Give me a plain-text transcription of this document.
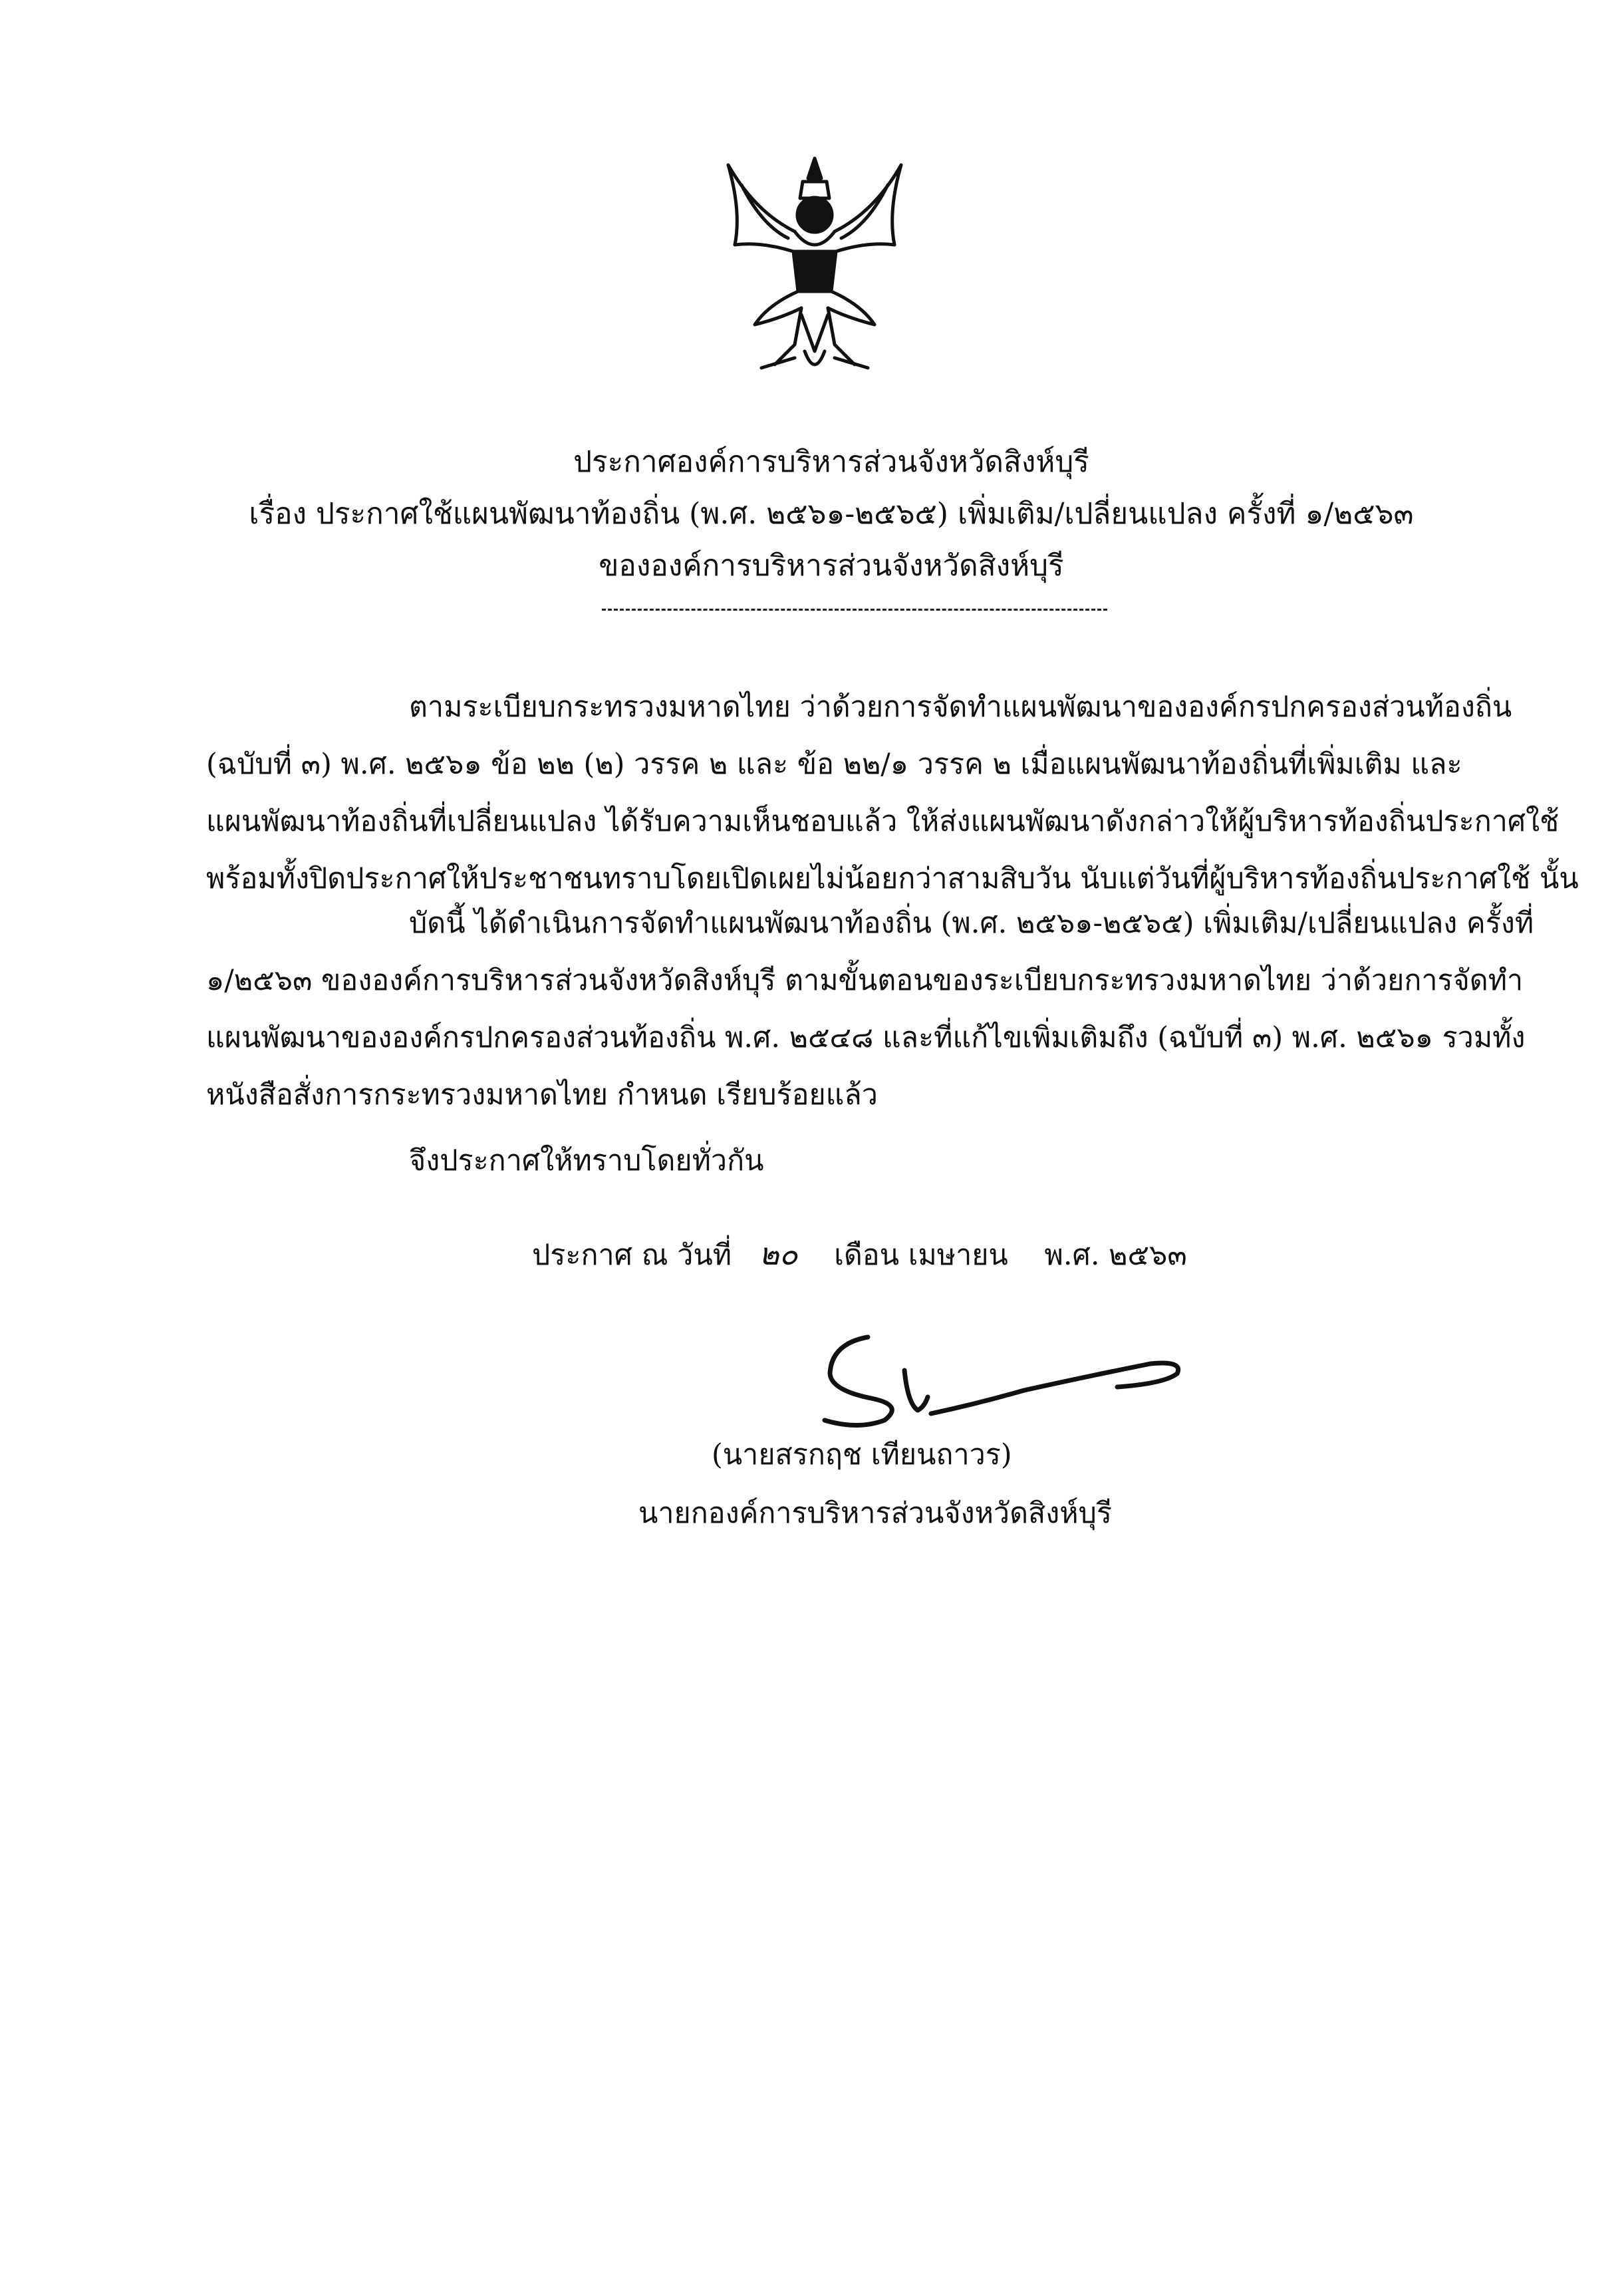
ประกาศองค์การบริหารส่วนจังหวัดสิงห์บุรี
เรื่อง ประกาศใช้แผนพัฒนาท้องถิ่น (พ.ศ. ๒๕๖๑-๒๕๖๕) เพิ่มเติม/เปลี่ยนแปลง ครั้งที่ ๑/๒๕๖๓
ขององค์การบริหารส่วนจังหวัดสิงห์บุรี
ตามระเบียบกระทรวงมหาดไทย ว่าด้วยการจัดทำแผนพัฒนาขององค์กรปกครองส่วนท้องถิ่น
(ฉบับที่ ๓) พ.ศ. ๒๕๖๑ ข้อ ๒๒ (๒) วรรค ๒ และ ข้อ ๒๒/๑ วรรค ๒ เมื่อแผนพัฒนาท้องถิ่นที่เพิ่มเติม และ
แผนพัฒนาท้องถิ่นที่เปลี่ยนแปลง ได้รับความเห็นชอบแล้ว ให้ส่งแผนพัฒนาดังกล่าวให้ผู้บริหารท้องถิ่นประกาศใช้
พร้อมทั้งปิดประกาศให้ประชาชนทราบโดยเปิดเผยไม่น้อยกว่าสามสิบวัน นับแต่วันที่ผู้บริหารท้องถิ่นประกาศใช้ นั้น
บัดนี้ ได้ดำเนินการจัดทำแผนพัฒนาท้องถิ่น (พ.ศ. ๒๕๖๑-๒๕๖๕) เพิ่มเติม/เปลี่ยนแปลง ครั้งที่
๑/๒๕๖๓ ขององค์การบริหารส่วนจังหวัดสิงห์บุรี ตามขั้นตอนของระเบียบกระทรวงมหาดไทย ว่าด้วยการจัดทำ
แผนพัฒนาขององค์กรปกครองส่วนท้องถิ่น พ.ศ. ๒๕๔๘ และที่แก้ไขเพิ่มเติมถึง (ฉบับที่ ๓) พ.ศ. ๒๕๖๑ รวมทั้ง
หนังสือสั่งการกระทรวงมหาดไทย กำหนด เรียบร้อยแล้ว
จึงประกาศให้ทราบโดยทั่วกัน
ประกาศ ณ วันที่ ๒๐ เดือน เมษายน พ.ศ. ๒๕๖๓
(นายสรกฤช เทียนถาวร)
นายกองค์การบริหารส่วนจังหวัดสิงห์บุรี
